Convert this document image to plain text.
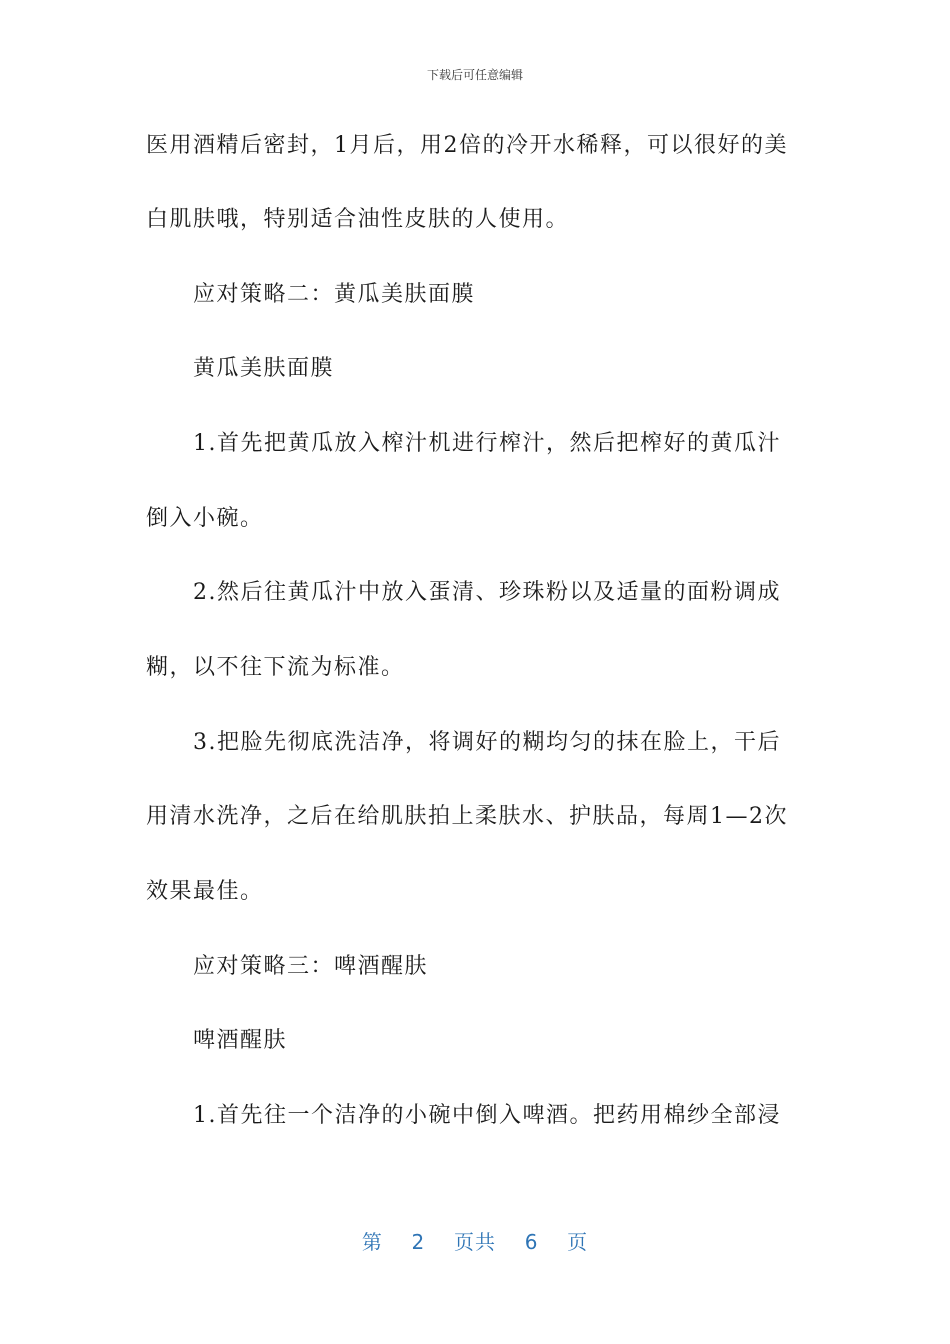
下载后可任意编辑
医用酒精后密封，1月后，用2倍的冷开水稀释，可以很好的美
白肌肤哦，特别适合油性皮肤的人使用。
应对策略二：黄瓜美肤面膜
黄瓜美肤面膜
1.首先把黄瓜放入榨汁机进行榨汁，然后把榨好的黄瓜汁
倒入小碗。
2.然后往黄瓜汁中放入蛋清、珍珠粉以及适量的面粉调成
糊，以不往下流为标准。
3.把脸先彻底洗洁净，将调好的糊均匀的抹在脸上，干后
用清水洗净，之后在给肌肤拍上柔肤水、护肤品，每周1—2次
效果最佳。
应对策略三：啤酒醒肤
啤酒醒肤
1.首先往一个洁净的小碗中倒入啤酒。把药用棉纱全部浸
第 2 页共 6 页
